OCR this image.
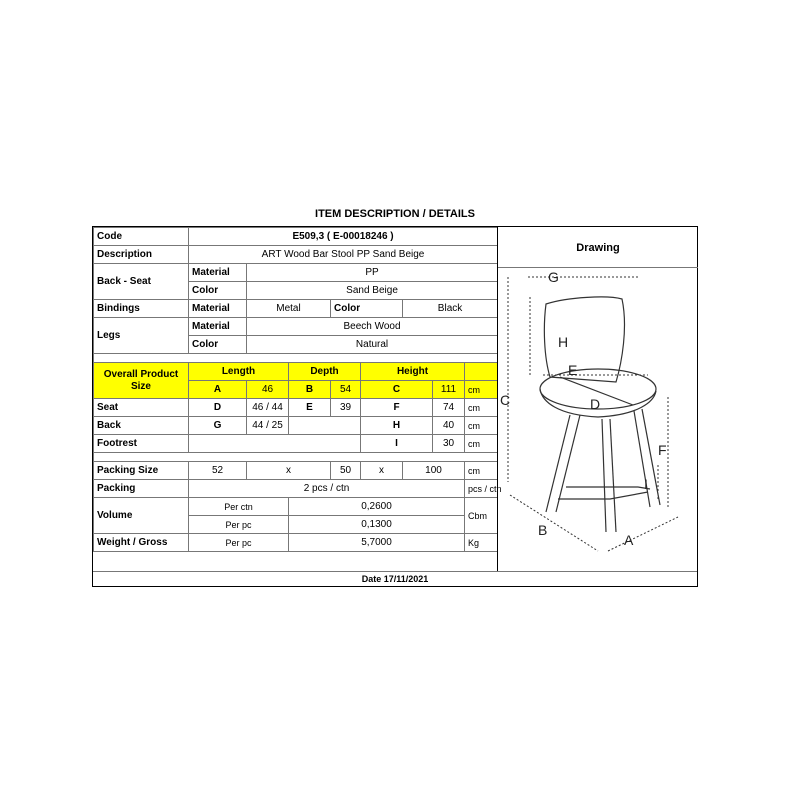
ITEM DESCRIPTION / DETAILS
Code	E509,3 ( E-00018246 )							
Description	ART Wood Bar Stool PP Sand Beige							
Back - Seat	Material	PP						
	Color	Sand Beige						
Bindings	Material	Metal		Color		Black		
Legs	Material	Beech Wood						
	Color	Natural						

Overall Product Size	Length		Depth		Height			
	A	46	B	54	C		111	cm
Seat	D	46 / 44	E	39	F		74	cm
Back	G	44 / 25			H		40	cm
Footrest					I		30	cm

Packing Size	52	x		50	x	100		cm
Packing	2 pcs / ctn							pcs / ctn
Volume	Per ctn		0,2600					Cbm
	Per pc		0,1300					
Weight / Gross	Per pc		5,7000					Kg
Drawing
G
H
C
E
D
F
I
B
A
Date 17/11/2021
